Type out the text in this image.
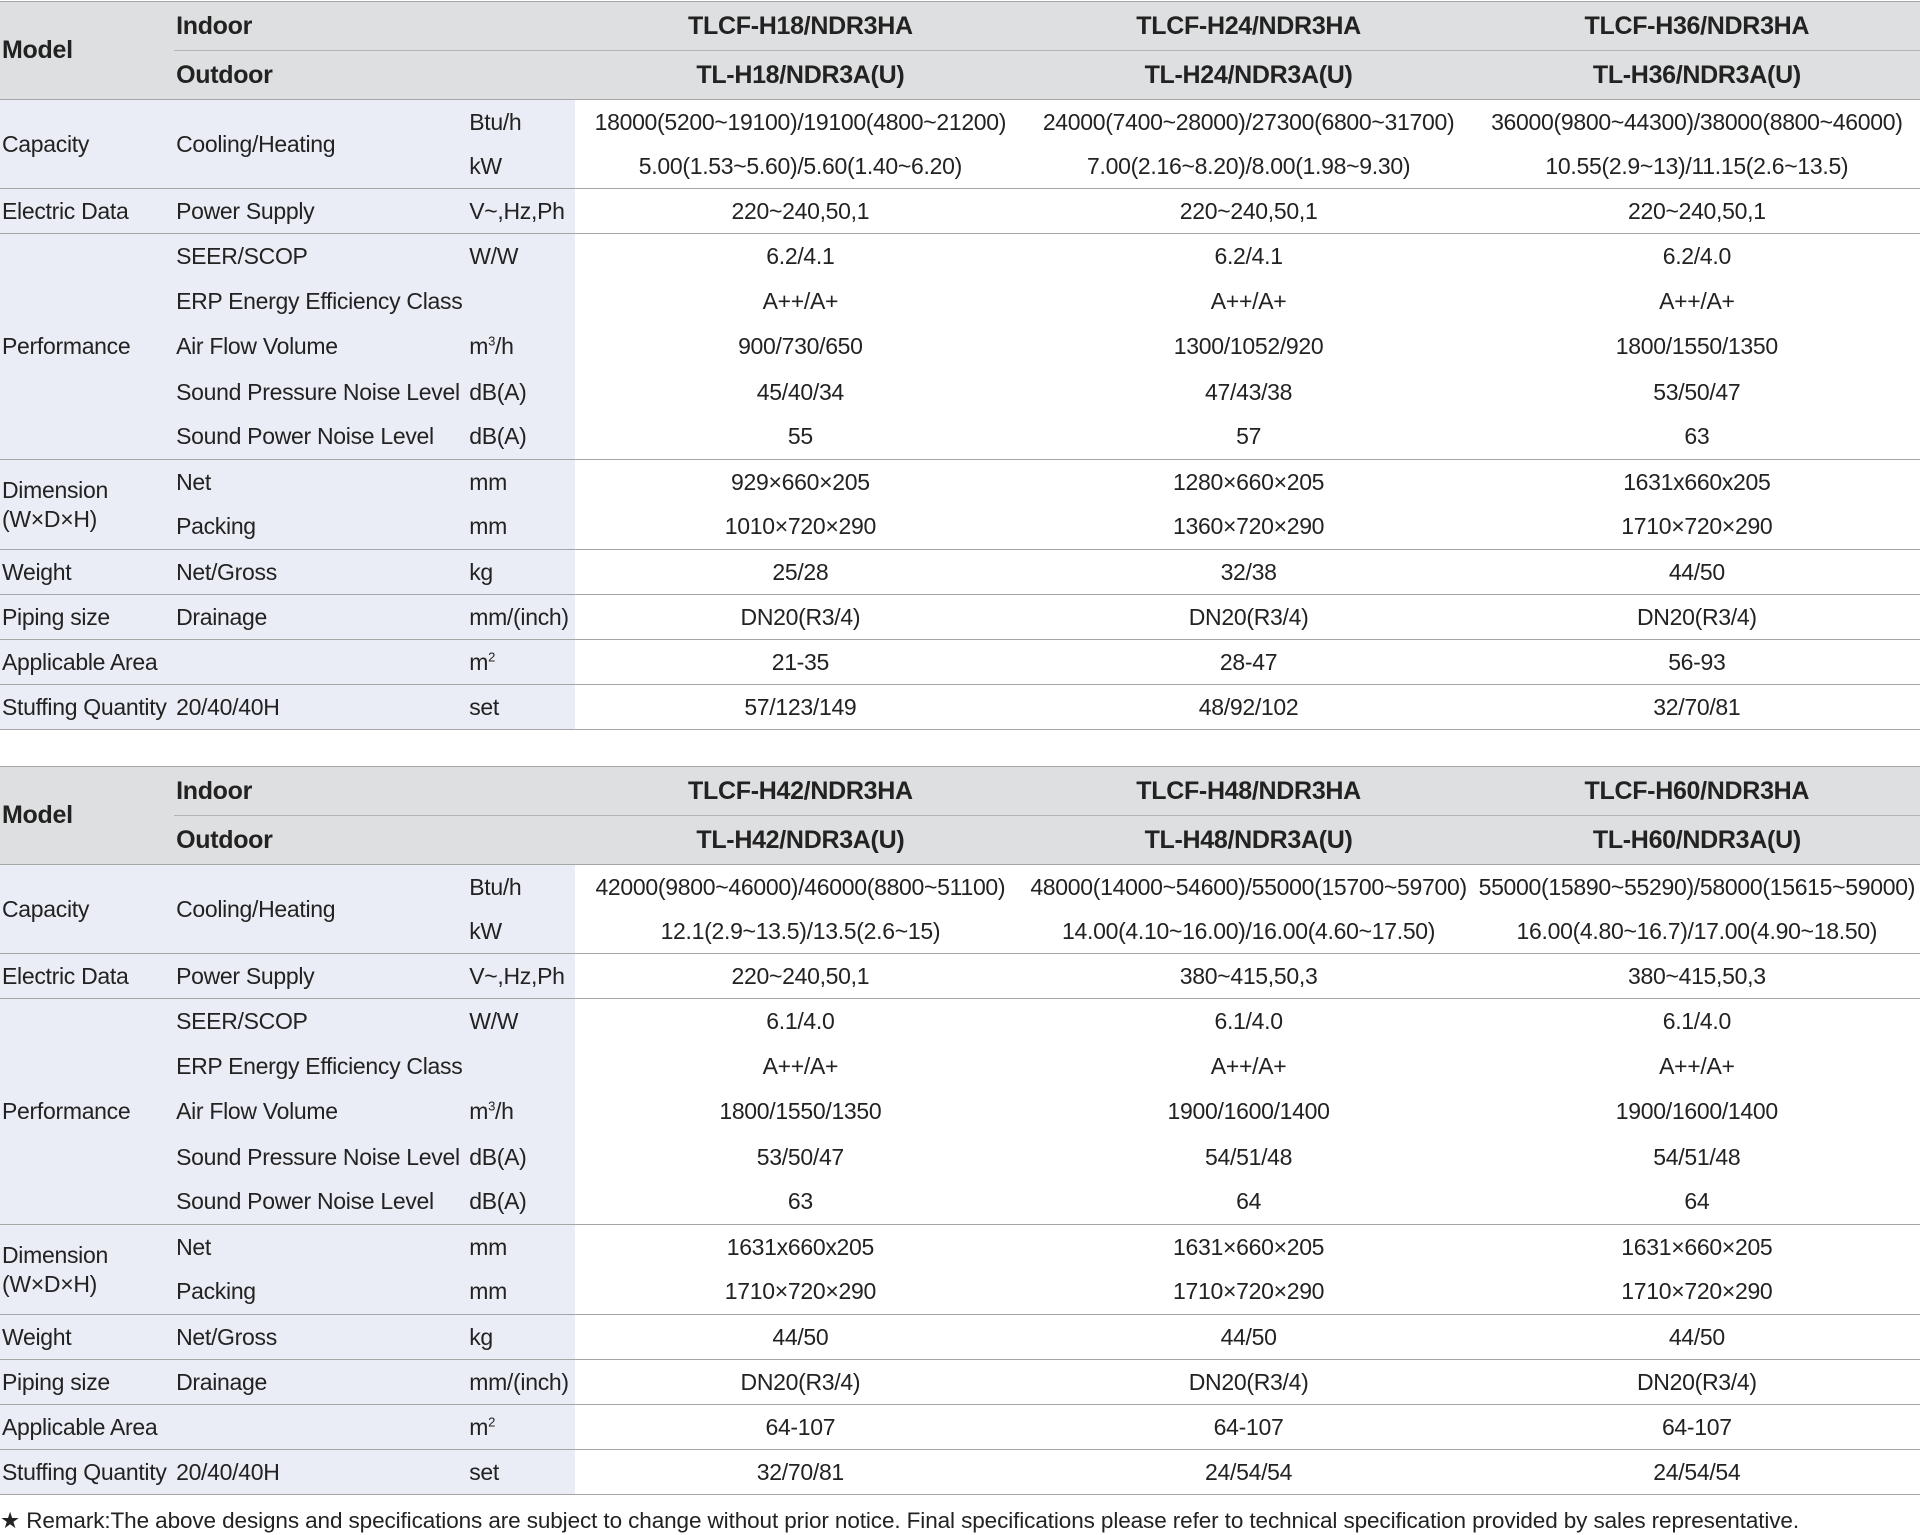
Model	Indoor		TLCF-H18/NDR3HA	TLCF-H24/NDR3HA	TLCF-H36/NDR3HA
	Outdoor		TL-H18/NDR3A(U)	TL-H24/NDR3A(U)	TL-H36/NDR3A(U)
Capacity	Cooling/Heating	Btu/h	18000(5200~19100)/19100(4800~21200)	24000(7400~28000)/27300(6800~31700)	36000(9800~44300)/38000(8800~46000)
		kW	5.00(1.53~5.60)/5.60(1.40~6.20)	7.00(2.16~8.20)/8.00(1.98~9.30)	10.55(2.9~13)/11.15(2.6~13.5)
Electric Data	Power Supply	V~,Hz,Ph	220~240,50,1	220~240,50,1	220~240,50,1
Performance	SEER/SCOP	W/W	6.2/4.1	6.2/4.1	6.2/4.0
	ERP Energy Efficiency Class		A++/A+	A++/A+	A++/A+
	Air Flow Volume	$m^3/h$	900/730/650	1300/1052/920	1800/1550/1350
	Sound Pressure Noise Level	dB(A)	45/40/34	47/43/38	53/50/47
	Sound Power Noise Level	dB(A)	55	57	63
Dimension
(W×D×H)	Net	mm	929×660×205	1280×660×205	1631x660x205
	Packing	mm	1010×720×290	1360×720×290	1710×720×290
Weight	Net/Gross	kg	25/28	32/38	44/50
Piping size	Drainage	mm/(inch)	DN20(R3/4)	DN20(R3/4)	DN20(R3/4)
Applicable Area		$m^2$	21-35	28-47	56-93
Stuffing Quantity	20/40/40H	set	57/123/149	48/92/102	32/70/81
Model	Indoor		TLCF-H42/NDR3HA	TLCF-H48/NDR3HA	TLCF-H60/NDR3HA
	Outdoor		TL-H42/NDR3A(U)	TL-H48/NDR3A(U)	TL-H60/NDR3A(U)
Capacity	Cooling/Heating	Btu/h	42000(9800~46000)/46000(8800~51100)	48000(14000~54600)/55000(15700~59700)	55000(15890~55290)/58000(15615~59000)
		kW	12.1(2.9~13.5)/13.5(2.6~15)	14.00(4.10~16.00)/16.00(4.60~17.50)	16.00(4.80~16.7)/17.00(4.90~18.50)
Electric Data	Power Supply	V~,Hz,Ph	220~240,50,1	380~415,50,3	380~415,50,3
Performance	SEER/SCOP	W/W	6.1/4.0	6.1/4.0	6.1/4.0
	ERP Energy Efficiency Class		A++/A+	A++/A+	A++/A+
	Air Flow Volume	$m^3/h$	1800/1550/1350	1900/1600/1400	1900/1600/1400
	Sound Pressure Noise Level	dB(A)	53/50/47	54/51/48	54/51/48
	Sound Power Noise Level	dB(A)	63	64	64
Dimension
(W×D×H)	Net	mm	1631x660x205	1631×660×205	1631×660×205
	Packing	mm	1710×720×290	1710×720×290	1710×720×290
Weight	Net/Gross	kg	44/50	44/50	44/50
Piping size	Drainage	mm/(inch)	DN20(R3/4)	DN20(R3/4)	DN20(R3/4)
Applicable Area		$m^2$	64-107	64-107	64-107
Stuffing Quantity	20/40/40H	set	32/70/81	24/54/54	24/54/54
★ Remark:The above designs and specifications are subject to change without prior notice. Final specifications please refer to technical specification provided by sales representative.
